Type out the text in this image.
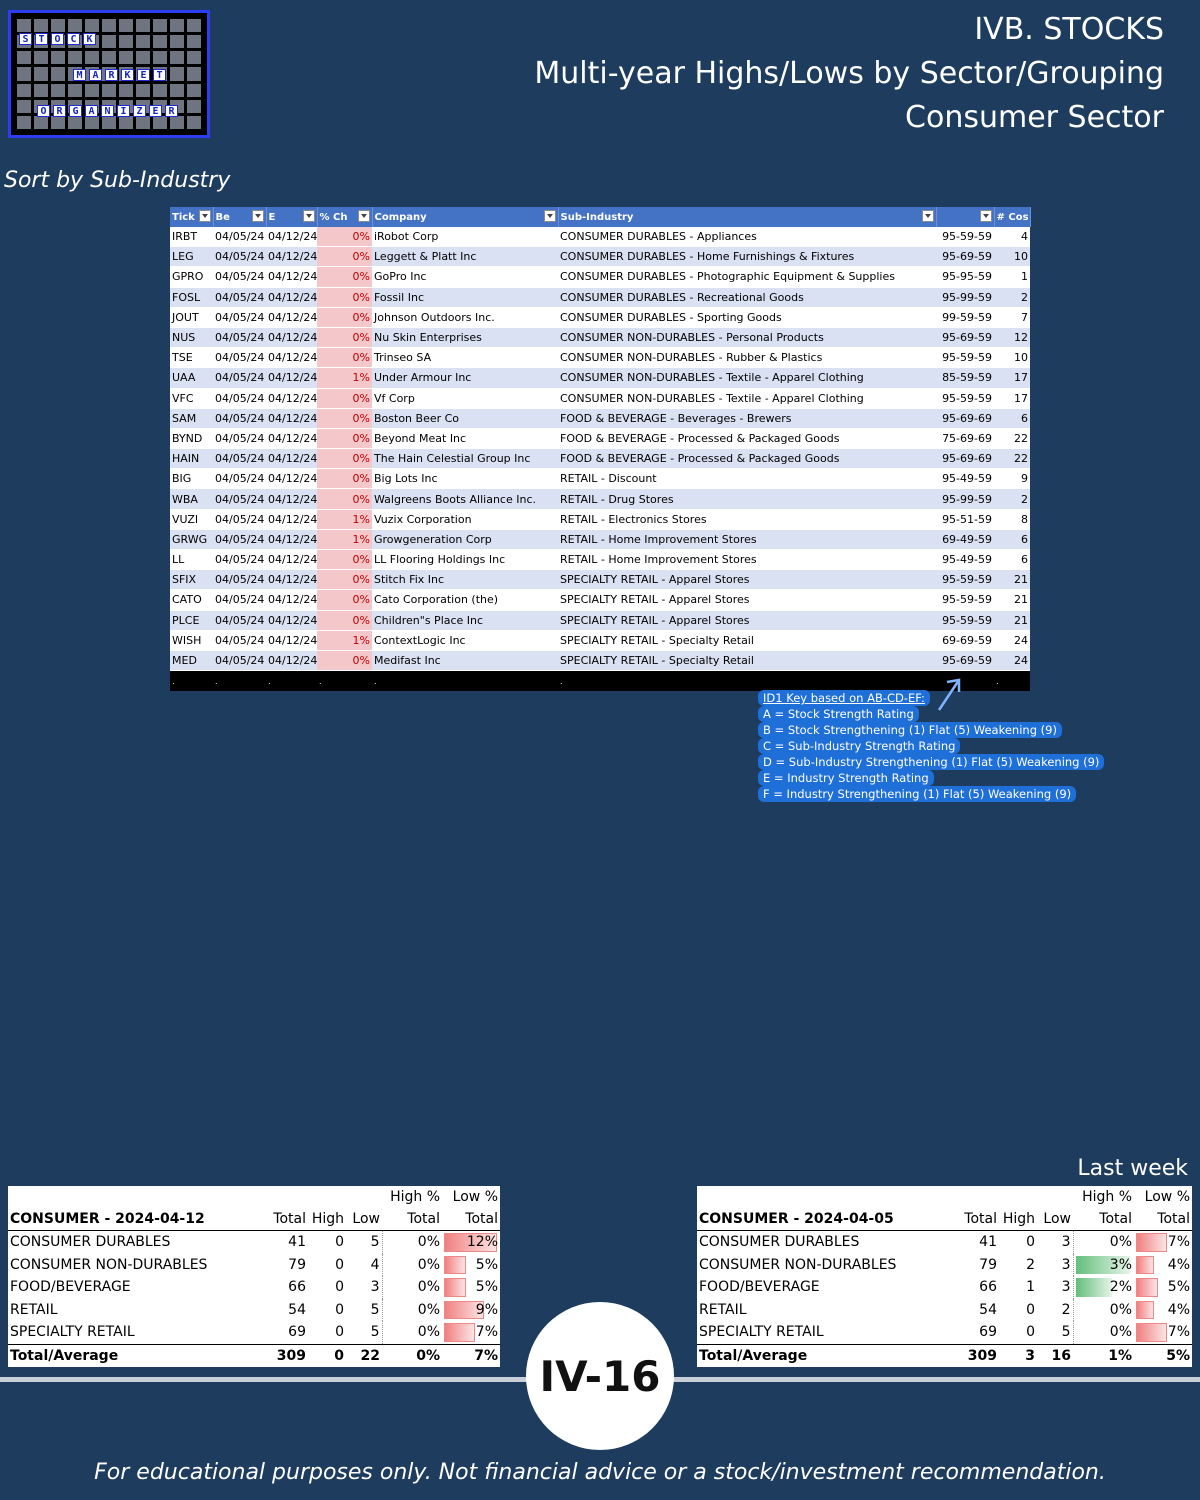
S T O C K
M A R K E T
O R G A N I Z E R
IVB. STOCKS
Multi-year Highs/Lows by Sector/Grouping
Consumer Sector
Sort by Sub-Industry
Tick	Be	E	% Ch	Company	Sub-Industry		# Cos
IRBT	04/05/24	04/12/24	0%	iRobot Corp	CONSUMER DURABLES - Appliances	95-59-59	4
LEG	04/05/24	04/12/24	0%	Leggett & Platt Inc	CONSUMER DURABLES - Home Furnishings & Fixtures	95-69-59	10
GPRO	04/05/24	04/12/24	0%	GoPro Inc	CONSUMER DURABLES - Photographic Equipment & Supplies	95-95-59	1
FOSL	04/05/24	04/12/24	0%	Fossil Inc	CONSUMER DURABLES - Recreational Goods	95-99-59	2
JOUT	04/05/24	04/12/24	0%	Johnson Outdoors Inc.	CONSUMER DURABLES - Sporting Goods	99-59-59	7
NUS	04/05/24	04/12/24	0%	Nu Skin Enterprises	CONSUMER NON-DURABLES - Personal Products	95-69-59	12
TSE	04/05/24	04/12/24	0%	Trinseo SA	CONSUMER NON-DURABLES - Rubber & Plastics	95-59-59	10
UAA	04/05/24	04/12/24	1%	Under Armour Inc	CONSUMER NON-DURABLES - Textile - Apparel Clothing	85-59-59	17
VFC	04/05/24	04/12/24	0%	Vf Corp	CONSUMER NON-DURABLES - Textile - Apparel Clothing	95-59-59	17
SAM	04/05/24	04/12/24	0%	Boston Beer Co	FOOD & BEVERAGE - Beverages - Brewers	95-69-69	6
BYND	04/05/24	04/12/24	0%	Beyond Meat Inc	FOOD & BEVERAGE - Processed & Packaged Goods	75-69-69	22
HAIN	04/05/24	04/12/24	0%	The Hain Celestial Group Inc	FOOD & BEVERAGE - Processed & Packaged Goods	95-69-69	22
BIG	04/05/24	04/12/24	0%	Big Lots Inc	RETAIL - Discount	95-49-59	9
WBA	04/05/24	04/12/24	0%	Walgreens Boots Alliance Inc.	RETAIL - Drug Stores	95-99-59	2
VUZI	04/05/24	04/12/24	1%	Vuzix Corporation	RETAIL - Electronics Stores	95-51-59	8
GRWG	04/05/24	04/12/24	1%	Growgeneration Corp	RETAIL - Home Improvement Stores	69-49-59	6
LL	04/05/24	04/12/24	0%	LL Flooring Holdings Inc	RETAIL - Home Improvement Stores	95-49-59	6
SFIX	04/05/24	04/12/24	0%	Stitch Fix Inc	SPECIALTY RETAIL - Apparel Stores	95-59-59	21
CATO	04/05/24	04/12/24	0%	Cato Corporation (the)	SPECIALTY RETAIL - Apparel Stores	95-59-59	21
PLCE	04/05/24	04/12/24	0%	Children"s Place Inc	SPECIALTY RETAIL - Apparel Stores	95-59-59	21
WISH	04/05/24	04/12/24	1%	ContextLogic Inc	SPECIALTY RETAIL - Specialty Retail	69-69-59	24
MED	04/05/24	04/12/24	0%	Medifast Inc	SPECIALTY RETAIL - Specialty Retail	95-69-59	24
.	.	.	.	.	.		.
ID1 Key based on AB-CD-EF:
A = Stock Strength Rating
B = Stock Strengthening (1) Flat (5) Weakening (9)
C = Sub-Industry Strength Rating
D = Sub-Industry Strengthening (1) Flat (5) Weakening (9)
E = Industry Strength Rating
F = Industry Strengthening (1) Flat (5) Weakening (9)
				High %	Low %
CONSUMER - 2024-04-12	Total	High	Low	Total	Total
CONSUMER DURABLES	41	0	5	0%	12%
CONSUMER NON-DURABLES	79	0	4	0%	5%
FOOD/BEVERAGE	66	0	3	0%	5%
RETAIL	54	0	5	0%	9%
SPECIALTY RETAIL	69	0	5	0%	7%
Total/Average	309	0	22	0%	7%
Last week
				High %	Low %
CONSUMER - 2024-04-05	Total	High	Low	Total	Total
CONSUMER DURABLES	41	0	3	0%	7%
CONSUMER NON-DURABLES	79	2	3	3%	4%
FOOD/BEVERAGE	66	1	3	2%	5%
RETAIL	54	0	2	0%	4%
SPECIALTY RETAIL	69	0	5	0%	7%
Total/Average	309	3	16	1%	5%
IV-16
For educational purposes only. Not financial advice or a stock/investment recommendation.
